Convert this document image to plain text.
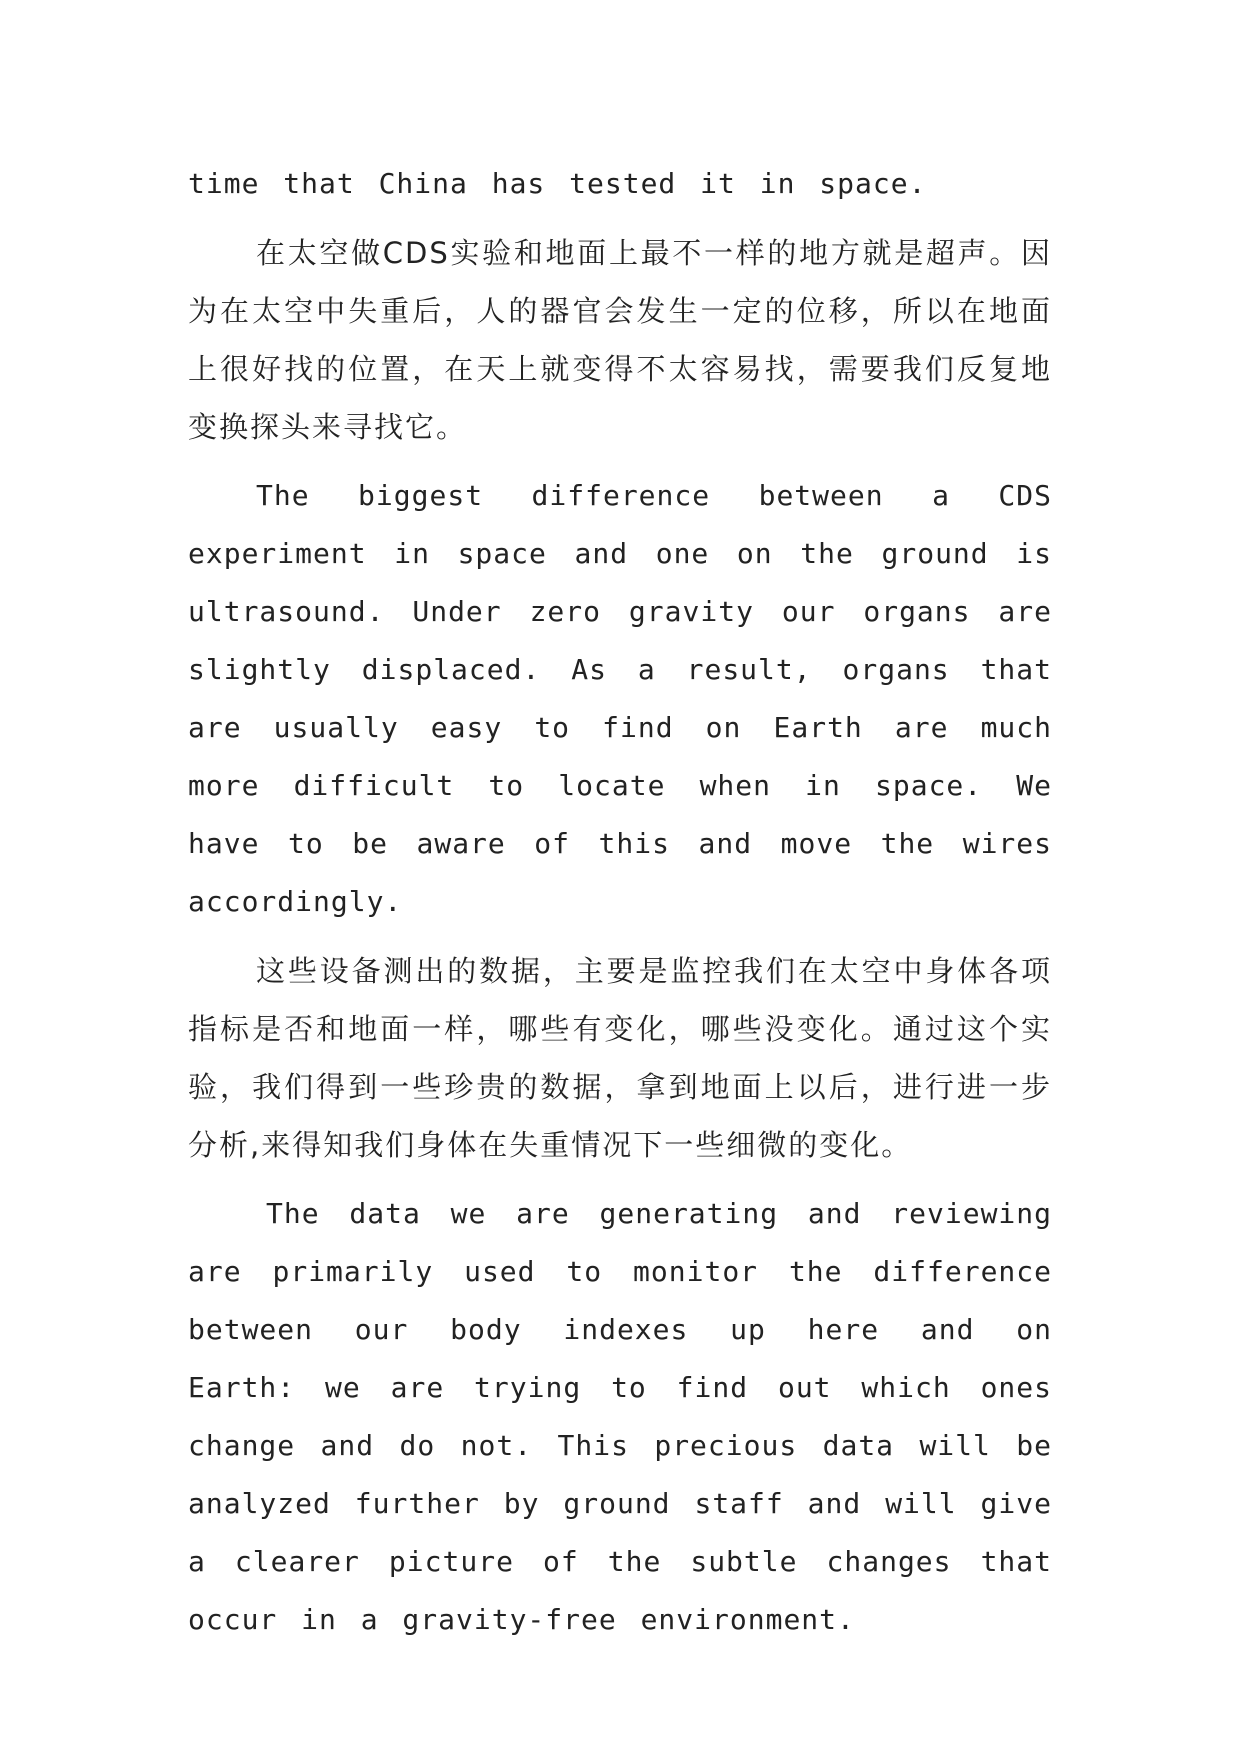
time that China has tested it in space.

在太空做CDS实验和地面上最不一样的地方就是超声。因为在太空中失重后，人的器官会发生一定的位移，所以在地面上很好找的位置，在天上就变得不太容易找，需要我们反复地变换探头来寻找它。

The biggest difference between a CDS experiment in space and one on the ground is ultrasound. Under zero gravity our organs are slightly displaced. As a result, organs that are usually easy to find on Earth are much more difficult to locate when in space. We have to be aware of this and move the wires accordingly.

这些设备测出的数据，主要是监控我们在太空中身体各项指标是否和地面一样，哪些有变化，哪些没变化。通过这个实验，我们得到一些珍贵的数据，拿到地面上以后，进行进一步分析,来得知我们身体在失重情况下一些细微的变化。

The data we are generating and reviewing are primarily used to monitor the difference between our body indexes up here and on Earth: we are trying to find out which ones change and do not. This precious data will be analyzed further by ground staff and will give a clearer picture of the subtle changes that occur in a gravity-free environment.
